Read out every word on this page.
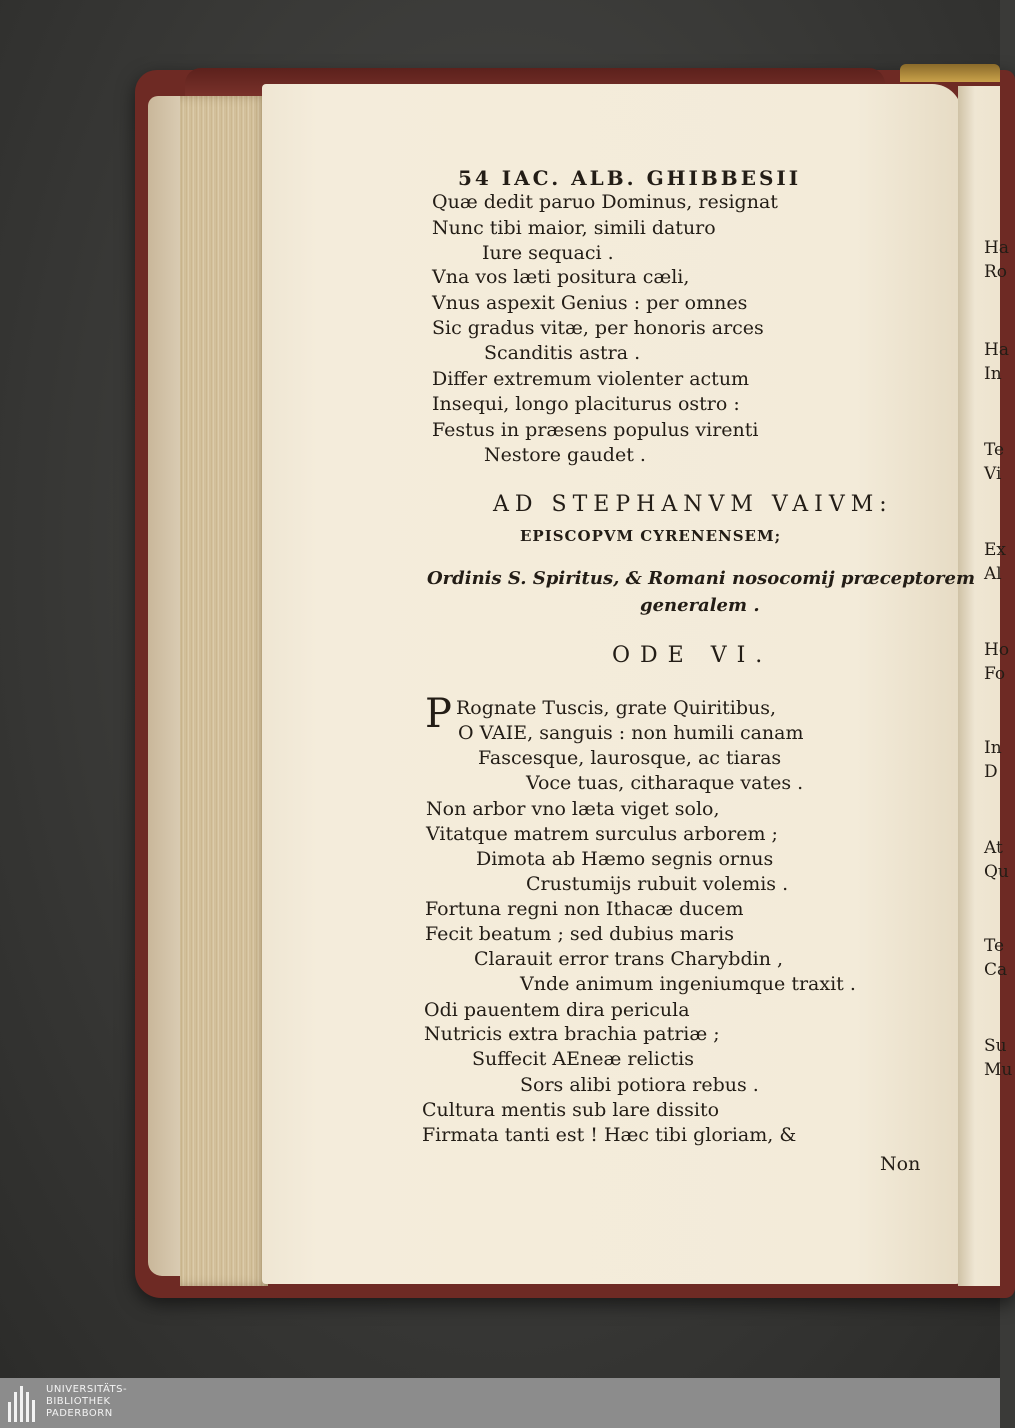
54 IAC. ALB. GHIBBESII
Quæ dedit paruo Dominus, resignat
Nunc tibi maior, simili daturo
Iure sequaci .
Vna vos læti positura cæli,
Vnus aspexit Genius : per omnes
Sic gradus vitæ, per honoris arces
Scanditis astra .
Differ extremum violenter actum
Insequi, longo placiturus ostro :
Festus in præsens populus virenti
Nestore gaudet .
AD STEPHANVM VAIVM:
EPISCOPVM CYRENENSEM;
Ordinis S. Spiritus, & Romani nosocomij præceptorem
generalem .
ODE VI.
P Rognate Tuscis, grate Quiritibus,
O VAIE, sanguis : non humili canam
Fascesque, laurosque, ac tiaras
Voce tuas, citharaque vates .
Non arbor vno læta viget solo,
Vitatque matrem surculus arborem ;
Dimota ab Hæmo segnis ornus
Crustumijs rubuit volemis .
Fortuna regni non Ithacæ ducem
Fecit beatum ; sed dubius maris
Clarauit error trans Charybdin ,
Vnde animum ingeniumque traxit .
Odi pauentem dira pericula
Nutricis extra brachia patriæ ;
Suffecit AEneæ relictis
Sors alibi potiora rebus .
Cultura mentis sub lare dissito
Firmata tanti est ! Hæc tibi gloriam, &
Non
Ha
Ro
Ha
In
Te
Vi
Ex
Al
Ho
Fo
In
D
At
Qu
Te
Ca
Su
Mu
UNIVERSITÄTS-
BIBLIOTHEK
PADERBORN
